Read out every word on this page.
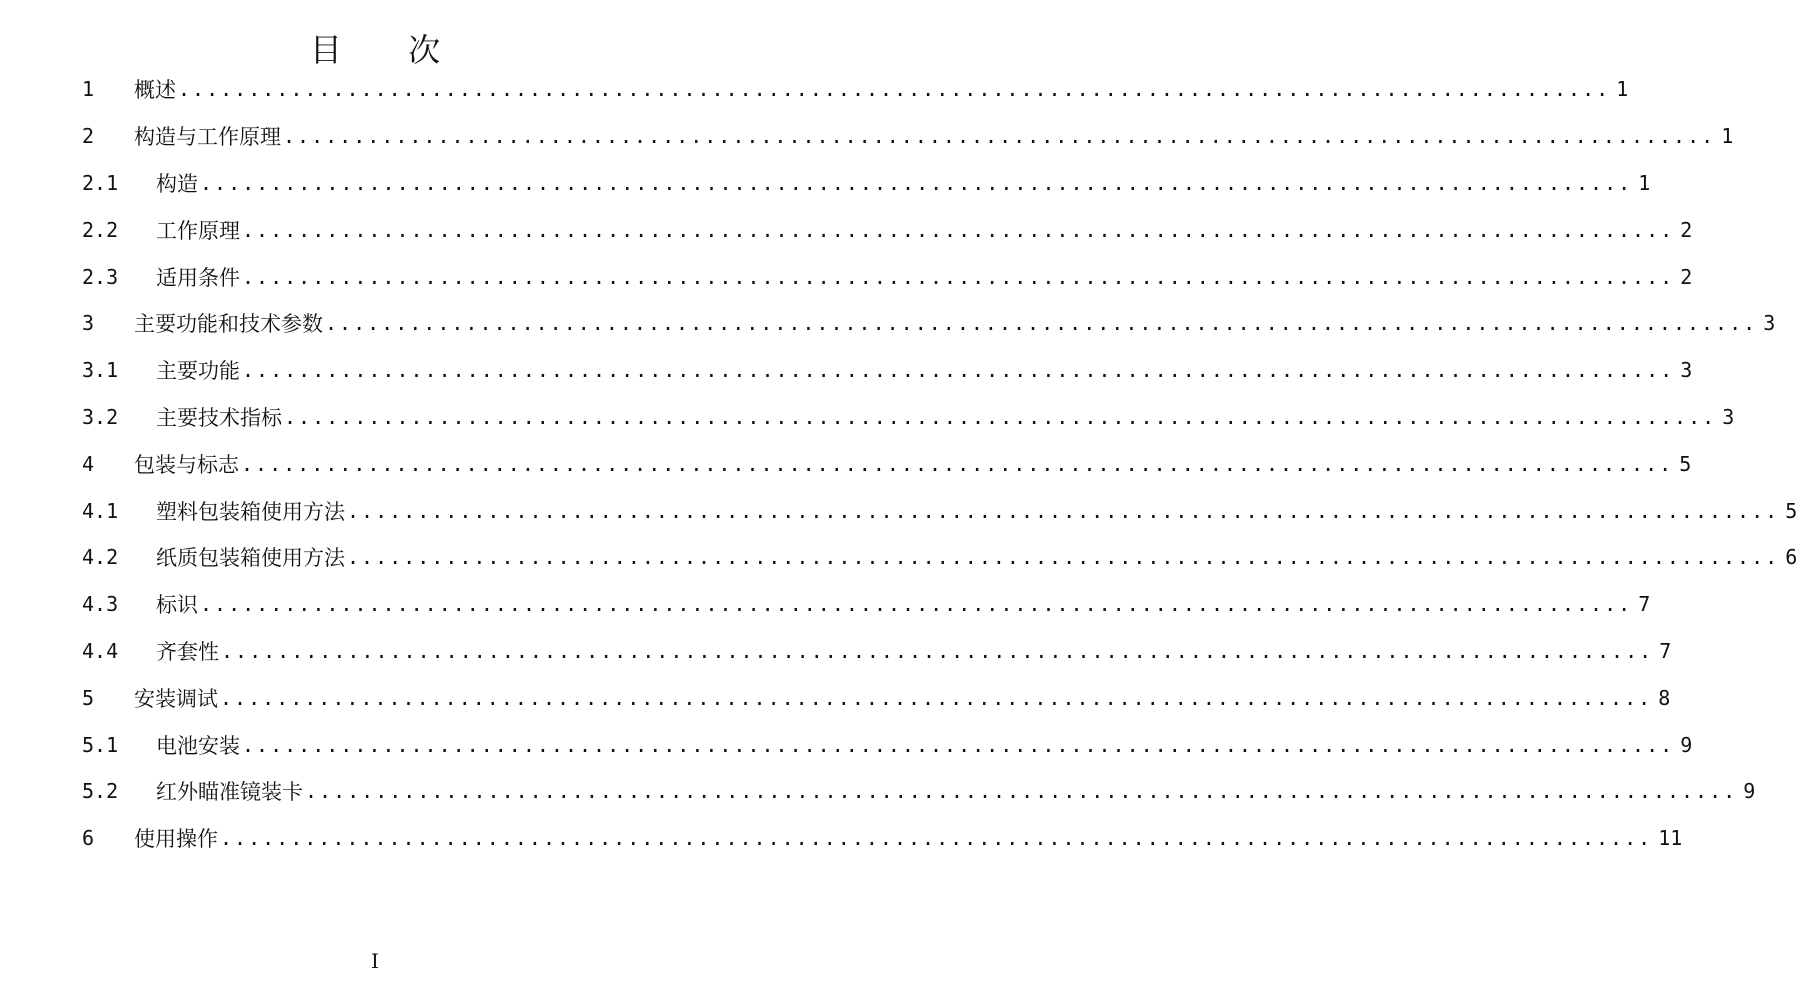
目 次
1	概述 ...................................................................................................... 1
2	构造与工作原理 ...................................................................................................... 1
2.1	构造 ...................................................................................................... 1
2.2	工作原理 ...................................................................................................... 2
2.3	适用条件 ...................................................................................................... 2
3	主要功能和技术参数 ...................................................................................................... 3
3.1	主要功能 ...................................................................................................... 3
3.2	主要技术指标 ...................................................................................................... 3
4	包装与标志 ...................................................................................................... 5
4.1	塑料包装箱使用方法 ...................................................................................................... 5
4.2	纸质包装箱使用方法 ...................................................................................................... 6
4.3	标识 ...................................................................................................... 7
4.4	齐套性 ...................................................................................................... 7
5	安装调试 ...................................................................................................... 8
5.1	电池安装 ...................................................................................................... 9
5.2	红外瞄准镜装卡 ...................................................................................................... 9
6	使用操作 ...................................................................................................... 11
I
